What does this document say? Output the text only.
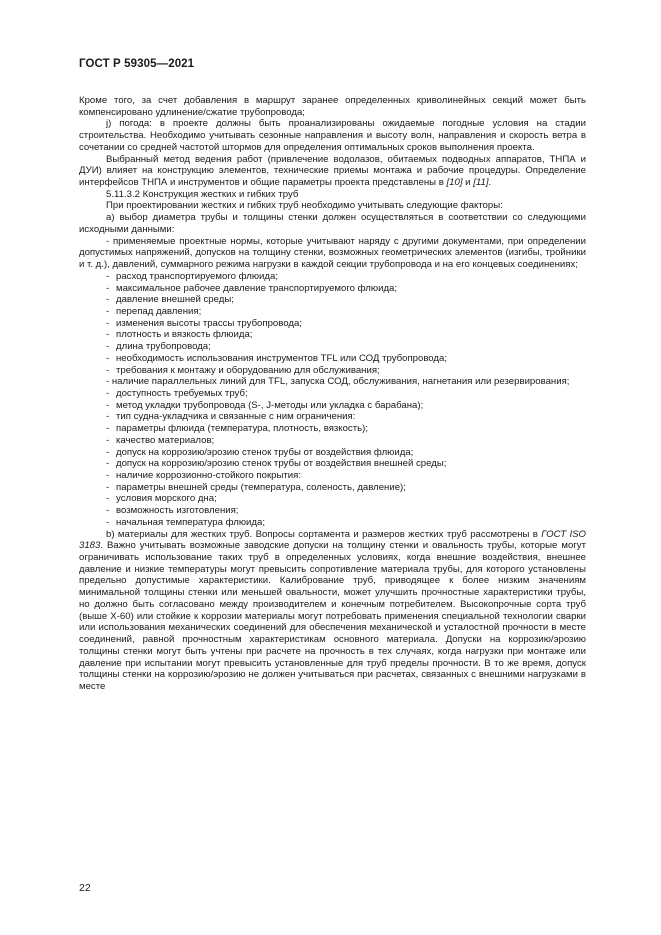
ГОСТ Р 59305—2021

Кроме того, за счет добавления в маршрут заранее определенных криволинейных секций может быть компенсировано удлинение/сжатие трубопровода;

j) погода: в проекте должны быть проанализированы ожидаемые погодные условия на стадии строительства. Необходимо учитывать сезонные направления и высоту волн, направления и скорость ветра в сочетании со средней частотой штормов для определения оптимальных сроков выполнения проекта.

Выбранный метод ведения работ (привлечение водолазов, обитаемых подводных аппаратов, ТНПА и ДУИ) влияет на конструкцию элементов, технические приемы монтажа и рабочие процедуры. Определение интерфейсов ТНПА и инструментов и общие параметры проекта представлены в [10] и [11].

5.11.3.2 Конструкция жестких и гибких труб

При проектировании жестких и гибких труб необходимо учитывать следующие факторы:

а) выбор диаметра трубы и толщины стенки должен осуществляться в соответствии со следующими исходными данными:

- применяемые проектные нормы, которые учитывают наряду с другими документами, при определении допустимых напряжений, допусков на толщину стенки, возможных геометрических элементов (изгибы, тройники и т. д.), давлений, суммарного режима нагрузки в каждой секции трубопровода и на его концевых соединениях;

- расход транспортируемого флюида;

- максимальное рабочее давление транспортируемого флюида;

- давление внешней среды;

- перепад давления;

- изменения высоты трассы трубопровода;

- плотность и вязкость флюида;

- длина трубопровода;

- необходимость использования инструментов TFL или СОД трубопровода;

- требования к монтажу и оборудованию для обслуживания;

- наличие параллельных линий для TFL, запуска СОД, обслуживания, нагнетания или резервирования;

- доступность требуемых труб;

- метод укладки трубопровода (S-, J-методы или укладка с барабана);

- тип судна-укладчика и связанные с ним ограничения:

- параметры флюида (температура, плотность, вязкость);

- качество материалов;

- допуск на коррозию/эрозию стенок трубы от воздействия флюида;

- допуск на коррозию/эрозию стенок трубы от воздействия внешней среды;

- наличие коррозионно-стойкого покрытия:

- параметры внешней среды (температура, соленость, давление);

- условия морского дна;

- возможность изготовления;

- начальная температура флюида;

b) материалы для жестких труб. Вопросы сортамента и размеров жестких труб рассмотрены в ГОСТ ISO 3183. Важно учитывать возможные заводские допуски на толщину стенки и овальность трубы, которые могут ограничивать использование таких труб в определенных условиях, когда внешние воздействия, внешнее давление и низкие температуры могут превысить сопротивление материала трубы, для которого установлены предельно допустимые характеристики. Калибрование труб, приводящее к более низким значениям минимальной толщины стенки или меньшей овальности, может улучшить прочностные характеристики трубы, но должно быть согласовано между производителем и конечным потребителем. Высокопрочные сорта труб (выше Х-60) или стойкие к коррозии материалы могут потребовать применения специальной технологии сварки или использования механических соединений для обеспечения механической и усталостной прочности в месте соединений, равной прочностным характеристикам основного материала. Допуски на коррозию/эрозию толщины стенки могут быть учтены при расчете на прочность в тех случаях, когда нагрузки при монтаже или давление при испытании могут превысить установленные для труб пределы прочности. В то же время, допуск толщины стенки на коррозию/эрозию не должен учитываться при расчетах, связанных с внешними нагрузками в месте

22
